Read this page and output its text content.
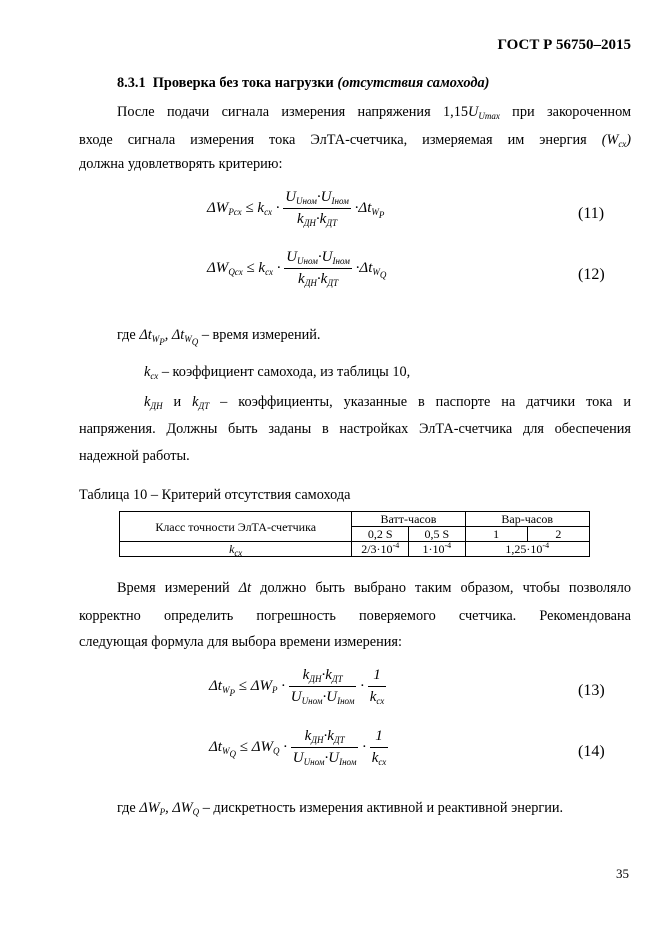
ГОСТ Р 56750–2015
8.3.1 Проверка без тока нагрузки (отсутствия самохода)
После подачи сигнала измерения напряжения $1,15U_{Umax}$ при закороченном
входе сигнала измерения тока ЭлТА-счетчика, измеряемая им энергия $(W_{сх})$
должна удовлетворять критерию:
$\Delta W_{Pсх} \le k_{сх} \cdot \frac{U_{Uном}\cdot U_{Iном}}{k_{ДН}\cdot k_{ДТ}} \cdot\Delta t_{W_P}$	(11)
$\Delta W_{Qсх} \le k_{сх} \cdot \frac{U_{Uном}\cdot U_{Iном}}{k_{ДН}\cdot k_{ДТ}} \cdot\Delta t_{W_Q}$	(12)
где $\Delta t_{W_P}$, $\Delta t_{W_Q}$ – время измерений.
$k_{сх}$ – коэффициент самохода, из таблицы 10,
$k_{ДН}$ и $k_{ДТ}$ – коэффициенты, указанные в паспорте на датчики тока и
напряжения. Должны быть заданы в настройках ЭлТА-счетчика для обеспечения
надежной работы.
Таблица 10 – Критерий отсутствия самохода
Класс точности ЭлТА-счетчика	Ватт-часов		Вар-часов	
	0,2 S	0,5 S	1	2
$k_{сх}$	$2/3\cdot 10^{-4}$	$1\cdot 10^{-4}$	$1,25\cdot 10^{-4}$
Время измерений Δt должно быть выбрано таким образом, чтобы позволяло
корректно определить погрешность поверяемого счетчика. Рекомендована
следующая формула для выбора времени измерения:
$\Delta t_{W_P} \le \Delta W_P \cdot \frac{k_{ДН}\cdot k_{ДТ}}{U_{Uном}\cdot U_{Iном}} \cdot \frac{1}{k_{сх}}$	(13)
$\Delta t_{W_Q} \le \Delta W_Q \cdot \frac{k_{ДН}\cdot k_{ДТ}}{U_{Uном}\cdot U_{Iном}} \cdot \frac{1}{k_{сх}}$	(14)
где $\Delta W_P$, $\Delta W_Q$ – дискретность измерения активной и реактивной энергии.
35
